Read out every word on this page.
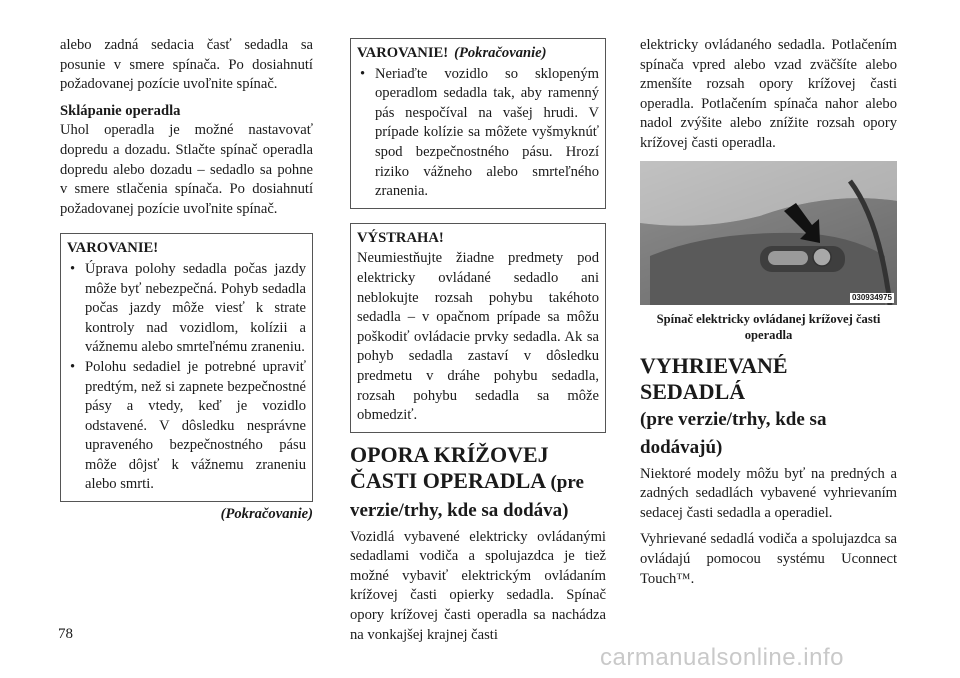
alebo zadná sedacia časť sedadla sa posunie v smere spínača. Po dosiahnutí požadovanej pozície uvoľnite spínač.

Sklápanie operadla

Uhol operadla je možné nastavovať dopredu a dozadu. Stlačte spínač operadla dopredu alebo dozadu – sedadlo sa pohne v smere stlačenia spínača. Po dosiahnutí požadovanej pozície uvoľnite spínač.

VAROVANIE!
• Úprava polohy sedadla počas jazdy môže byť nebezpečná. Pohyb sedadla počas jazdy môže viesť k strate kontroly nad vozidlom, kolízii a vážnemu alebo smrteľnému zraneniu.
• Polohu sedadiel je potrebné upraviť predtým, než si zapnete bezpečnostné pásy a vtedy, keď je vozidlo odstavené. V dôsledku nesprávne upraveného bezpečnostného pásu môže dôjsť k vážnemu zraneniu alebo smrti.
(Pokračovanie)
VAROVANIE! (Pokračovanie)
• Neriaďte vozidlo so sklopeným operadlom sedadla tak, aby ramenný pás nespočíval na vašej hrudi. V prípade kolízie sa môžete vyšmyknúť spod bezpečnostného pásu. Hrozí riziko vážneho alebo smrteľného zranenia.
VÝSTRAHA!

Neumiestňujte žiadne predmety pod elektricky ovládané sedadlo ani neblokujte rozsah pohybu takéhoto sedadla – v opačnom prípade sa môžu poškodiť ovládacie prvky sedadla. Ak sa pohyb sedadla zastaví v dôsledku predmetu v dráhe pohybu sedadla, rozsah pohybu sedadla sa môže obmedziť.

OPORA KRÍŽOVEJ ČASTI OPERADLA (pre verzie/trhy, kde sa dodáva)

Vozidlá vybavené elektricky ovládanými sedadlami vodiča a spolujazdca je tiež možné vybaviť elektrickým ovládaním krížovej časti opierky sedadla. Spínač opory krížovej časti operadla sa nachádza na vonkajšej krajnej časti

elektricky ovládaného sedadla. Potlačením spínača vpred alebo vzad zväčšíte alebo zmenšíte rozsah opory krížovej časti operadla. Potlačením spínača nahor alebo nadol zvýšite alebo znížite rozsah opory krížovej časti operadla.

030934975
Spínač elektricky ovládanej krížovej časti operadla
VYHRIEVANÉ SEDADLÁ
(pre verzie/trhy, kde sa dodávajú)

Niektoré modely môžu byť na predných a zadných sedadlách vybavené vyhrievaním sedacej časti sedadla a operadiel.

Vyhrievané sedadlá vodiča a spolujazdca sa ovládajú pomocou systému Uconnect Touch™.

78
carmanualsonline.info
